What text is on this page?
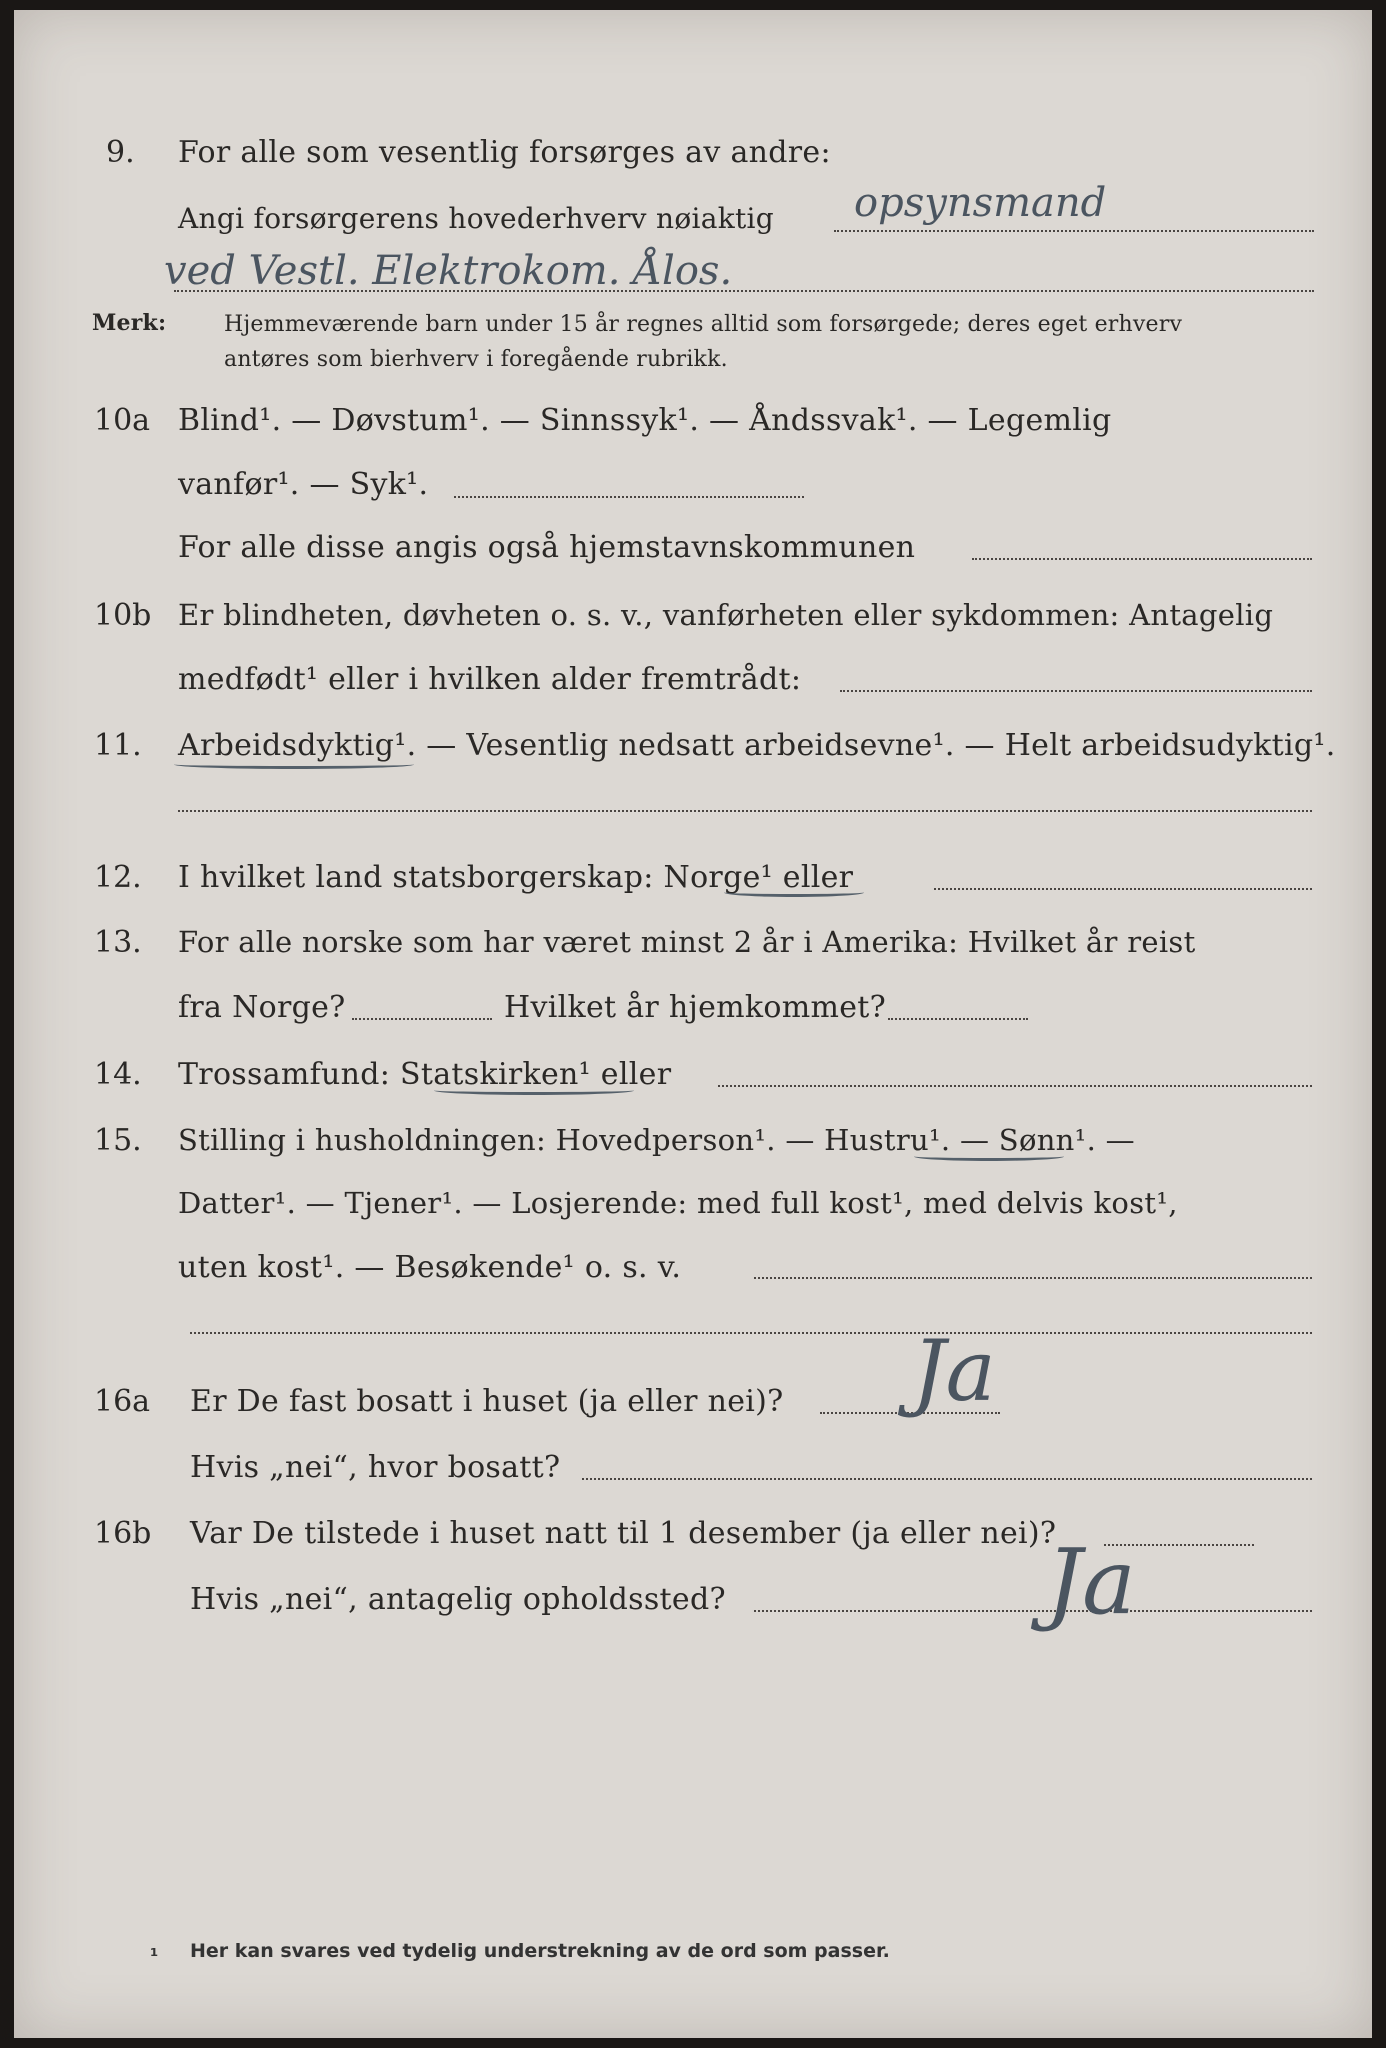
9. For alle som vesentlig forsørges av andre:
Angi forsørgerens hovederhverv nøiaktig opsynsmand
ved Vestl. Elektrokom. Ålos.
Merk:	Hjemmeværende barn under 15 år regnes alltid som forsørgede; deres eget erhverv
antøres som bierhverv i foregående rubrikk.
10a Blind¹. — Døvstum¹. — Sinnssyk¹. — Åndssvak¹. — Legemlig
vanfør¹. — Syk¹.
For alle disse angis også hjemstavnskommunen
10b Er blindheten, døvheten o. s. v., vanførheten eller sykdommen: Antagelig
medfødt¹ eller i hvilken alder fremtrådt:
11. Arbeidsdyktig¹. — Vesentlig nedsatt arbeidsevne¹. — Helt arbeidsudyktig¹.
12. I hvilket land statsborgerskap: Norge¹ eller
13. For alle norske som har været minst 2 år i Amerika: Hvilket år reist
fra Norge?	Hvilket år hjemkommet?
14. Trossamfund: Statskirken¹ eller
15. Stilling i husholdningen: Hovedperson¹. — Hustru¹. — Sønn¹. —
Datter¹. — Tjener¹. — Losjerende: med full kost¹, med delvis kost¹,
uten kost¹. — Besøkende¹ o. s. v.
16a Er De fast bosatt i huset (ja eller nei)? Ja
Hvis „nei“, hvor bosatt?
16b Var De tilstede i huset natt til 1 desember (ja eller nei)?
Hvis „nei“, antagelig opholdssted?	Ja
¹ Her kan svares ved tydelig understrekning av de ord som passer.
